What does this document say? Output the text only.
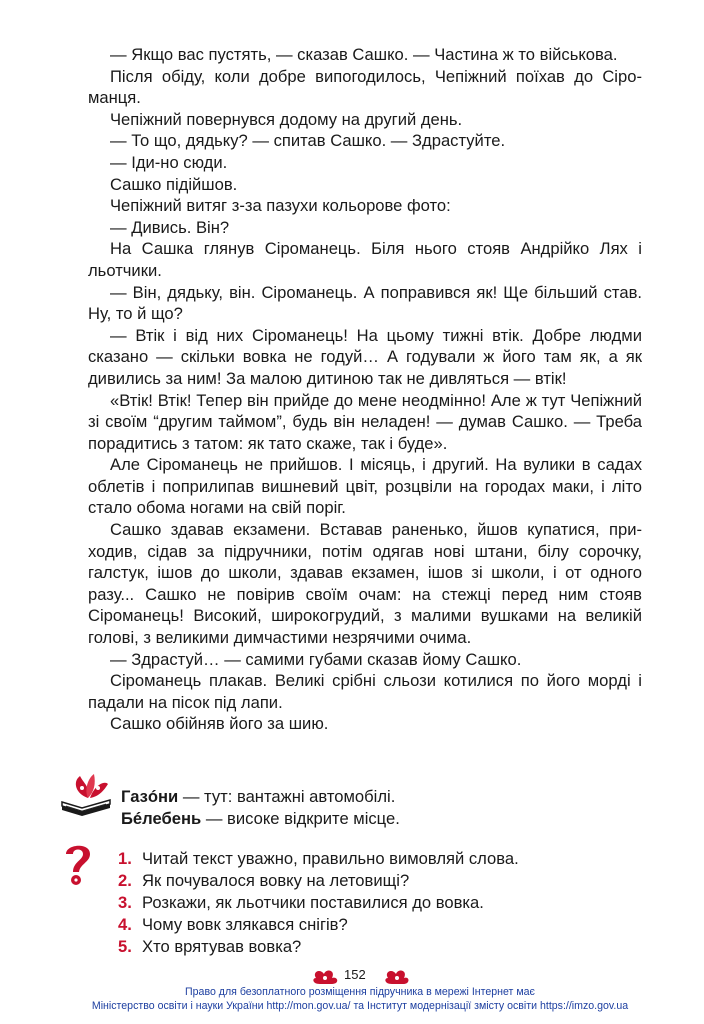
— Якщо вас пустять, — сказав Сашко. — Частина ж то військова.

Після обіду, коли добре випогодилось, Чепіжний поїхав до Сіроманця.

Чепіжний повернувся додому на другий день.

— То що, дядьку? — спитав Сашко. — Здрастуйте.

— Іди-но сюди.

Сашко підійшов.

Чепіжний витяг з-за пазухи кольорове фото:

— Дивись. Він?

На Сашка глянув Сіроманець. Біля нього стояв Андрійко Лях і льотчики.

— Він, дядьку, він. Сіроманець. А поправився як! Ще більший став. Ну, то й що?

— Втік і від них Сіроманець! На цьому тижні втік. Добре людми сказано — скільки вовка не годуй… А годували ж його там як, а як дивились за ним! За малою дитиною так не дивляться — втік!

«Втік! Втік! Тепер він прийде до мене неодмінно! Але ж тут Чепіжний зі своїм “другим таймом”, будь він неладен! — думав Сашко. — Треба порадитись з татом: як тато скаже, так і буде».

Але Сіроманець не прийшов. І місяць, і другий. На вулики в садах облетів і поприлипав вишневий цвіт, розцвіли на городах маки, і літо стало обома ногами на свій поріг.

Сашко здавав екзамени. Вставав раненько, йшов купатися, приходив, сідав за підручники, потім одягав нові штани, білу сорочку, галстук, ішов до школи, здавав екзамен, ішов зі школи, і от одного разу... Сашко не повірив своїм очам: на стежці перед ним стояв Сіроманець! Високий, широкогрудий, з малими вушками на великій голові, з великими димчастими незрячими очима.

— Здрастуй… — самими губами сказав йому Сашко.

Сіроманець плакав. Великі срібні сльози котилися по його морді і падали на пісок під лапи.

Сашко обійняв його за шию.

Газóни — тут: вантажні автомобілі.
Бéлебень — високе відкрите місце.
1. Читай текст уважно, правильно вимовляй слова.
2. Як почувалося вовку на летовищі?
3. Розкажи, як льотчики поставилися до вовка.
4. Чому вовк злякався снігів?
5. Хто врятував вовка?
152
Право для безоплатного розміщення підручника в мережі Інтернет має
Міністерство освіти і науки України http://mon.gov.ua/ та Інститут модернізації змісту освіти https://imzo.gov.ua
